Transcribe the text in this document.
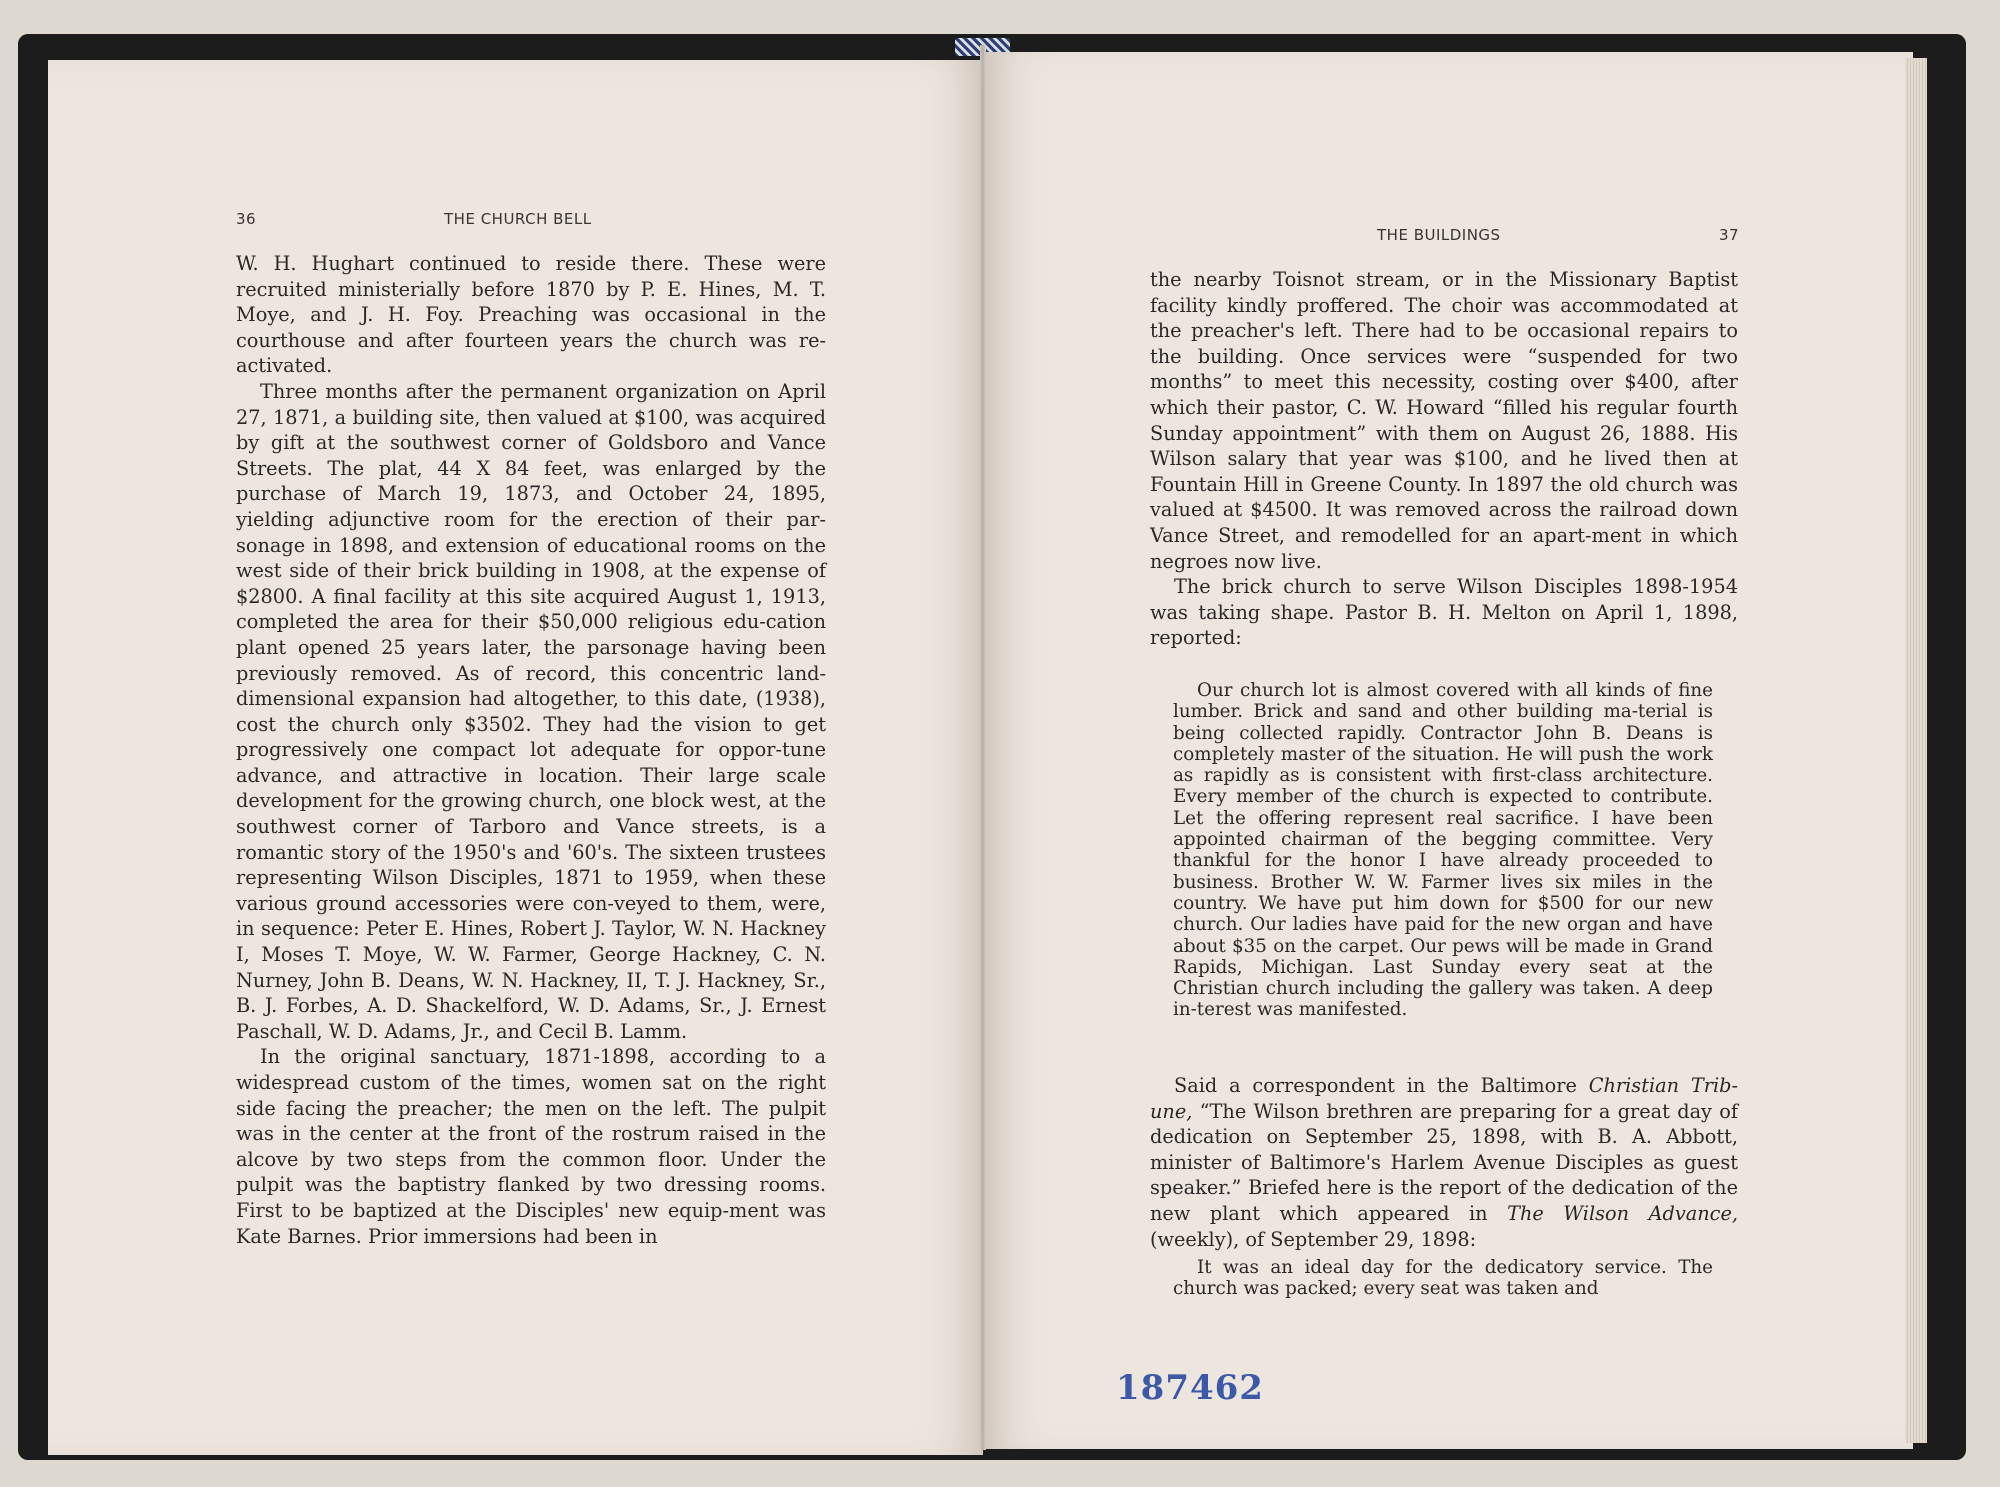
36	THE CHURCH BELL

W. H. Hughart continued to reside there. These were recruited ministerially before 1870 by P. E. Hines, M. T. Moye, and J. H. Foy. Preaching was occasional in the courthouse and after fourteen years the church was re-activated.

Three months after the permanent organization on April 27, 1871, a building site, then valued at $100, was acquired by gift at the southwest corner of Goldsboro and Vance Streets. The plat, 44 X 84 feet, was enlarged by the purchase of March 19, 1873, and October 24, 1895, yielding adjunctive room for the erection of their par-sonage in 1898, and extension of educational rooms on the west side of their brick building in 1908, at the expense of $2800. A final facility at this site acquired August 1, 1913, completed the area for their $50,000 religious edu-cation plant opened 25 years later, the parsonage having been previously removed. As of record, this concentric land-dimensional expansion had altogether, to this date, (1938), cost the church only $3502. They had the vision to get progressively one compact lot adequate for oppor-tune advance, and attractive in location. Their large scale development for the growing church, one block west, at the southwest corner of Tarboro and Vance streets, is a romantic story of the 1950's and '60's. The sixteen trustees representing Wilson Disciples, 1871 to 1959, when these various ground accessories were con-veyed to them, were, in sequence: Peter E. Hines, Robert J. Taylor, W. N. Hackney I, Moses T. Moye, W. W. Farmer, George Hackney, C. N. Nurney, John B. Deans, W. N. Hackney, II, T. J. Hackney, Sr., B. J. Forbes, A. D. Shackelford, W. D. Adams, Sr., J. Ernest Paschall, W. D. Adams, Jr., and Cecil B. Lamm.

In the original sanctuary, 1871-1898, according to a widespread custom of the times, women sat on the right side facing the preacher; the men on the left. The pulpit was in the center at the front of the rostrum raised in the alcove by two steps from the common floor. Under the pulpit was the baptistry flanked by two dressing rooms. First to be baptized at the Disciples' new equip-ment was Kate Barnes. Prior immersions had been in

THE BUILDINGS	37

the nearby Toisnot stream, or in the Missionary Baptist facility kindly proffered. The choir was accommodated at the preacher's left. There had to be occasional repairs to the building. Once services were “suspended for two months” to meet this necessity, costing over $400, after which their pastor, C. W. Howard “filled his regular fourth Sunday appointment” with them on August 26, 1888. His Wilson salary that year was $100, and he lived then at Fountain Hill in Greene County. In 1897 the old church was valued at $4500. It was removed across the railroad down Vance Street, and remodelled for an apart-ment in which negroes now live.

The brick church to serve Wilson Disciples 1898-1954 was taking shape. Pastor B. H. Melton on April 1, 1898, reported:

Our church lot is almost covered with all kinds of fine lumber. Brick and sand and other building ma-terial is being collected rapidly. Contractor John B. Deans is completely master of the situation. He will push the work as rapidly as is consistent with first-class architecture. Every member of the church is expected to contribute. Let the offering represent real sacrifice. I have been appointed chairman of the begging committee. Very thankful for the honor I have already proceeded to business. Brother W. W. Farmer lives six miles in the country. We have put him down for $500 for our new church. Our ladies have paid for the new organ and have about $35 on the carpet. Our pews will be made in Grand Rapids, Michigan. Last Sunday every seat at the Christian church including the gallery was taken. A deep in-terest was manifested.

Said a correspondent in the Baltimore Christian Trib-une, “The Wilson brethren are preparing for a great day of dedication on September 25, 1898, with B. A. Abbott, minister of Baltimore's Harlem Avenue Disciples as guest speaker.” Briefed here is the report of the dedication of the new plant which appeared in The Wilson Advance, (weekly), of September 29, 1898:

It was an ideal day for the dedicatory service. The church was packed; every seat was taken and

187462
